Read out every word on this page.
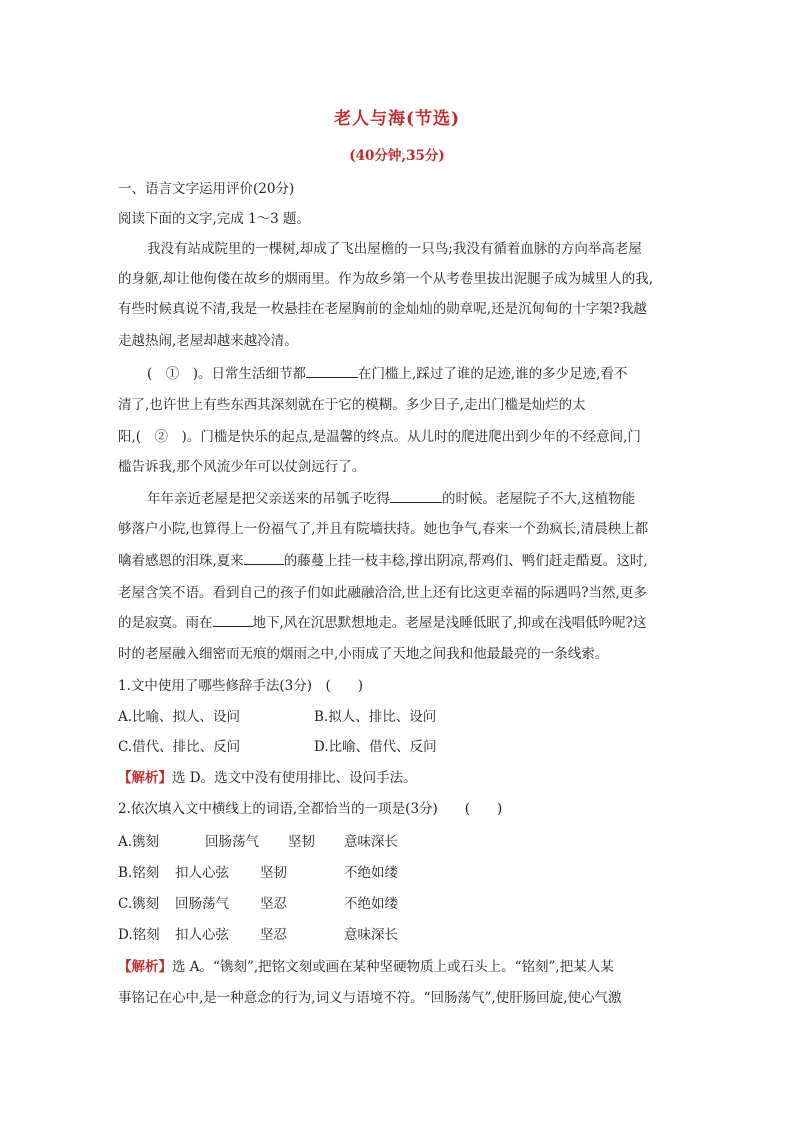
老人与海(节选)
(40分钟,35分)
一、语言文字运用评价(20分)
阅读下面的文字,完成 1～3 题。
我没有站成院里的一棵树,却成了飞出屋檐的一只鸟;我没有循着血脉的方向举高老屋
的身躯,却让他佝偻在故乡的烟雨里。作为故乡第一个从考卷里拔出泥腿子成为城里人的我,
有些时候真说不清,我是一枚悬挂在老屋胸前的金灿灿的勋章呢,还是沉甸甸的十字架?我越
走越热闹,老屋却越来越冷清。
(　①　)。日常生活细节都	在门槛上,踩过了谁的足迹,谁的多少足迹,看不
清了,也许世上有些东西其深刻就在于它的模糊。多少日子,走出门槛是灿烂的太
阳,(　②　)。门槛是快乐的起点,是温馨的终点。从儿时的爬进爬出到少年的不经意间,门
槛告诉我,那个风流少年可以仗剑远行了。
年年亲近老屋是把父亲送来的吊瓠子吃得	的时候。老屋院子不大,这植物能
够落户小院,也算得上一份福气了,并且有院墙扶持。她也争气,春来一个劲疯长,清晨秧上都
噙着感恩的泪珠,夏来	的藤蔓上挂一枝丰稔,撑出阴凉,帮鸡们、鸭们赶走酷夏。这时,
老屋含笑不语。看到自己的孩子们如此融融洽洽,世上还有比这更幸福的际遇吗?当然,更多
的是寂寞。雨在	地下,风在沉思默想地走。老屋是浅睡低眠了,抑或在浅唱低吟呢?这
时的老屋融入细密而无痕的烟雨之中,小雨成了天地之间我和他最最亮的一条线索。
1.文中使用了哪些修辞手法(3分)　(　　)
A.比喻、拟人、设问	B.拟人、排比、设问
C.借代、排比、反问	D.比喻、借代、反问
【解析】选 D。选文中没有使用排比、设问手法。
2.依次填入文中横线上的词语,全都恰当的一项是(3分)　　(　　)
A.镌刻	回肠荡气 坚韧 意味深长
B.铭刻 扣人心弦 坚韧	不绝如缕
C.镌刻 回肠荡气 坚忍	不绝如缕
D.铭刻 扣人心弦 坚忍	意味深长
【解析】选 A。“镌刻”,把铭文刻或画在某种坚硬物质上或石头上。“铭刻”,把某人某
事铭记在心中,是一种意念的行为,词义与语境不符。“回肠荡气”,使肝肠回旋,使心气激
